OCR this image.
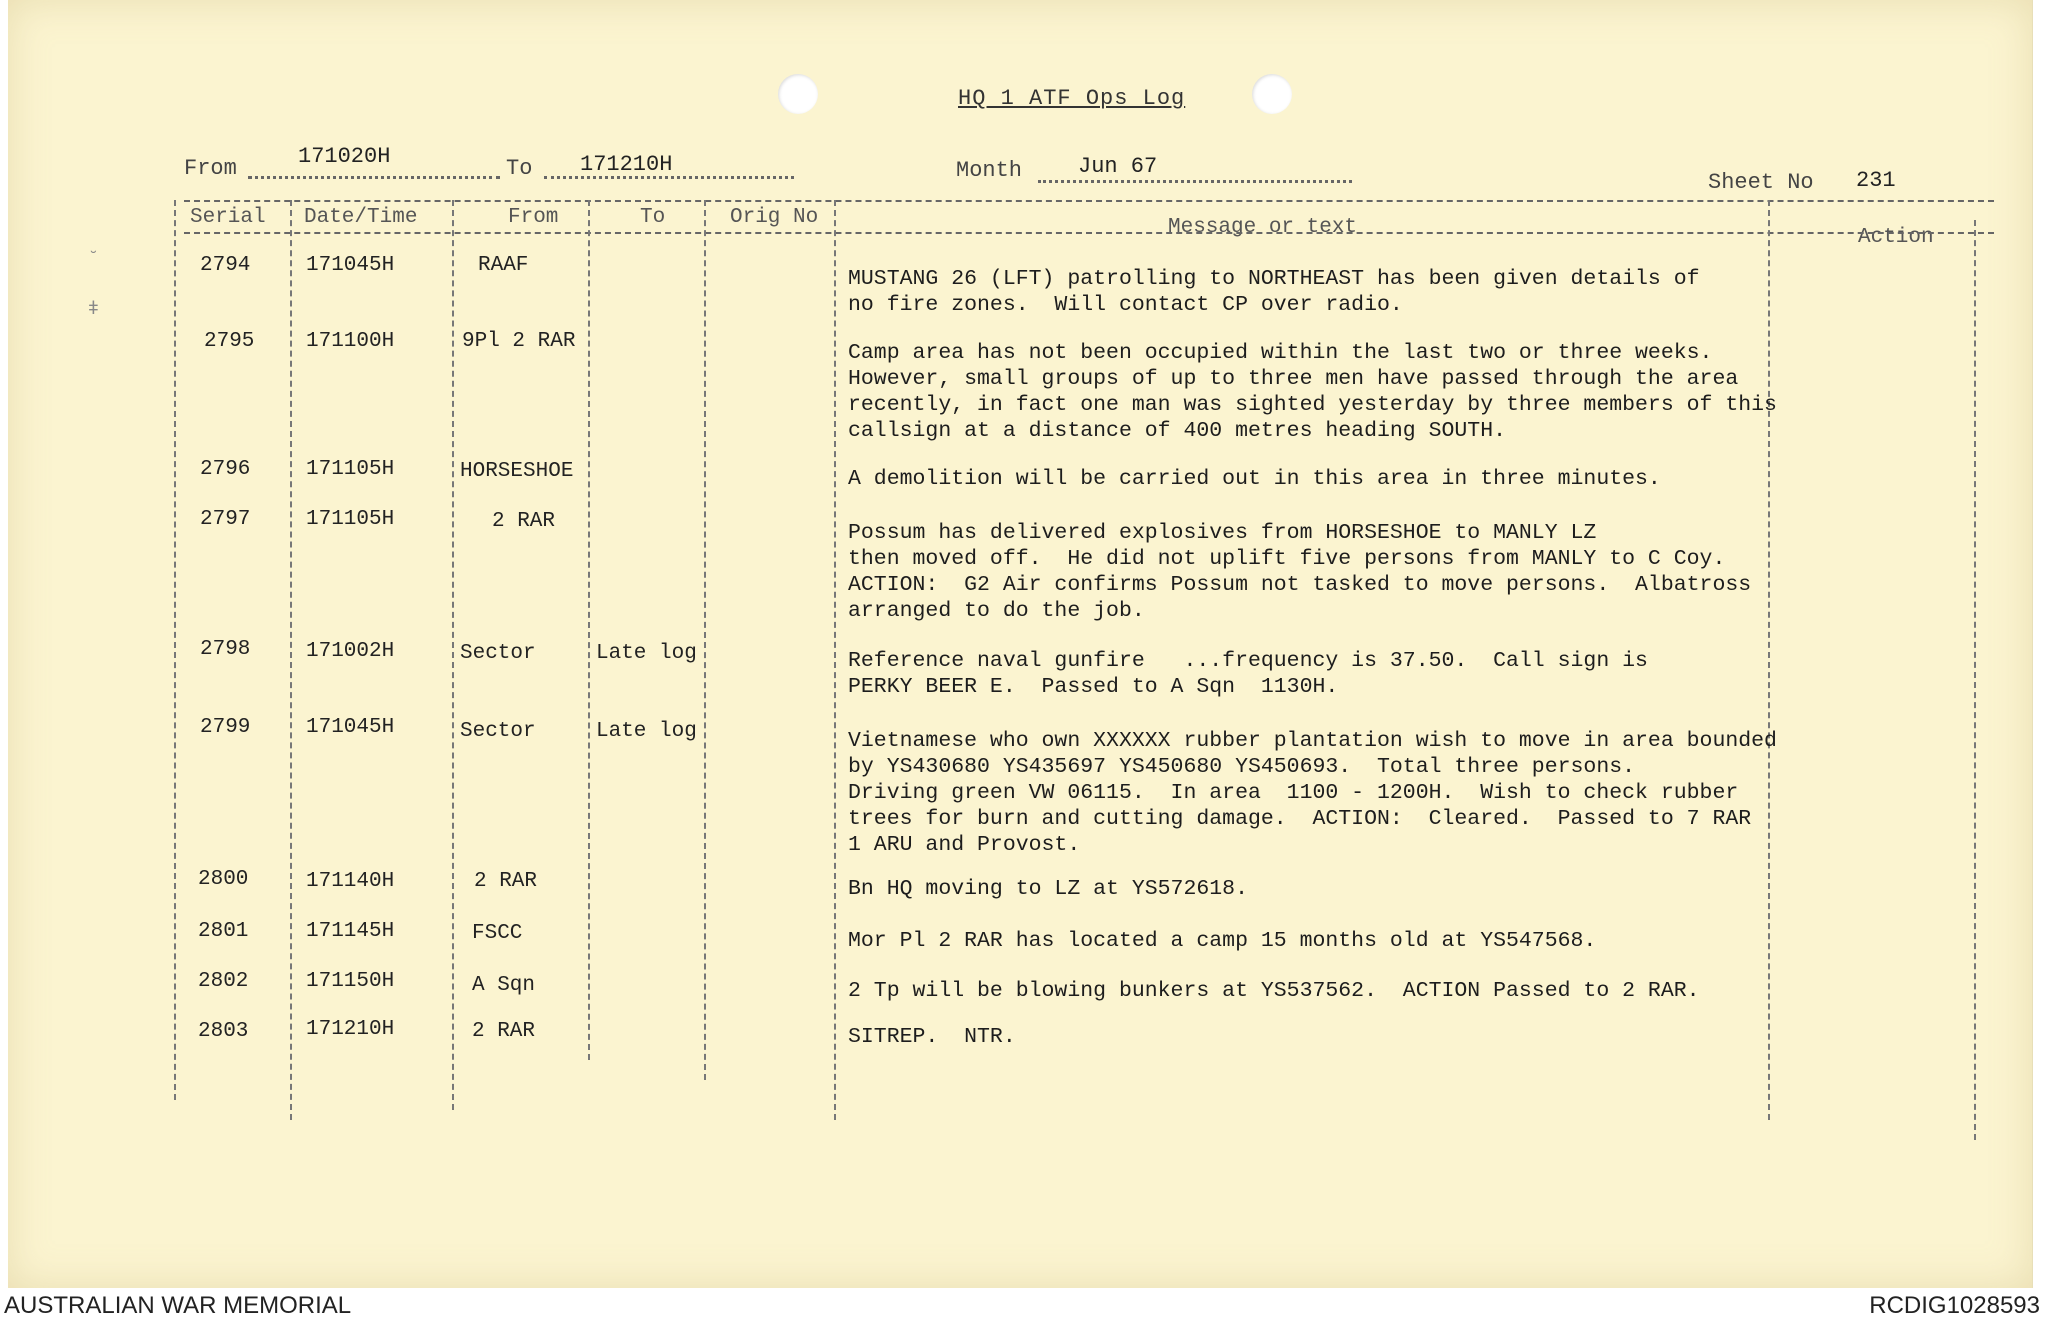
HQ 1 ATF Ops Log
From	171020H	To 171210H	Month	Jun 67
Sheet No 231
Serial Date/Time	From	To	Orig No	Message or text	Action
˘
ǂ
2794	171045H	RAAF
MUSTANG 26 (LFT) patrolling to NORTHEAST has been given details of
no fire zones.  Will contact CP over radio.
2795 171100H	9Pl 2 RAR	Camp area has not been occupied within the last two or three weeks.
However, small groups of up to three men have passed through the area
recently, in fact one man was sighted yesterday by three members of this
callsign at a distance of 400 metres heading SOUTH.
2796	171105H	HORSESHOE	A demolition will be carried out in this area in three minutes.
2797	171105H	2 RAR	Possum has delivered explosives from HORSESHOE to MANLY LZ
then moved off.  He did not uplift five persons from MANLY to C Coy.
ACTION:  G2 Air confirms Possum not tasked to move persons.  Albatross
arranged to do the job.
2798	171002H	Sector	Late log	Reference naval gunfire   ...frequency is 37.50.  Call sign is
PERKY BEER E.  Passed to A Sqn  1130H.
2799	171045H	Sector	Late log	Vietnamese who own XXXXXX rubber plantation wish to move in area bounded
by YS430680 YS435697 YS450680 YS450693.  Total three persons.
Driving green VW 06115.  In area  1100 - 1200H.  Wish to check rubber
trees for burn and cutting damage.  ACTION:  Cleared.  Passed to 7 RAR
1 ARU and Provost.
2800	171140H	2 RAR	Bn HQ moving to LZ at YS572618.
2801	171145H	FSCC	Mor Pl 2 RAR has located a camp 15 months old at YS547568.
2802	171150H	A Sqn	2 Tp will be blowing bunkers at YS537562.  ACTION Passed to 2 RAR.
2803	171210H	2 RAR	SITREP.  NTR.
AUSTRALIAN WAR MEMORIAL	RCDIG1028593
